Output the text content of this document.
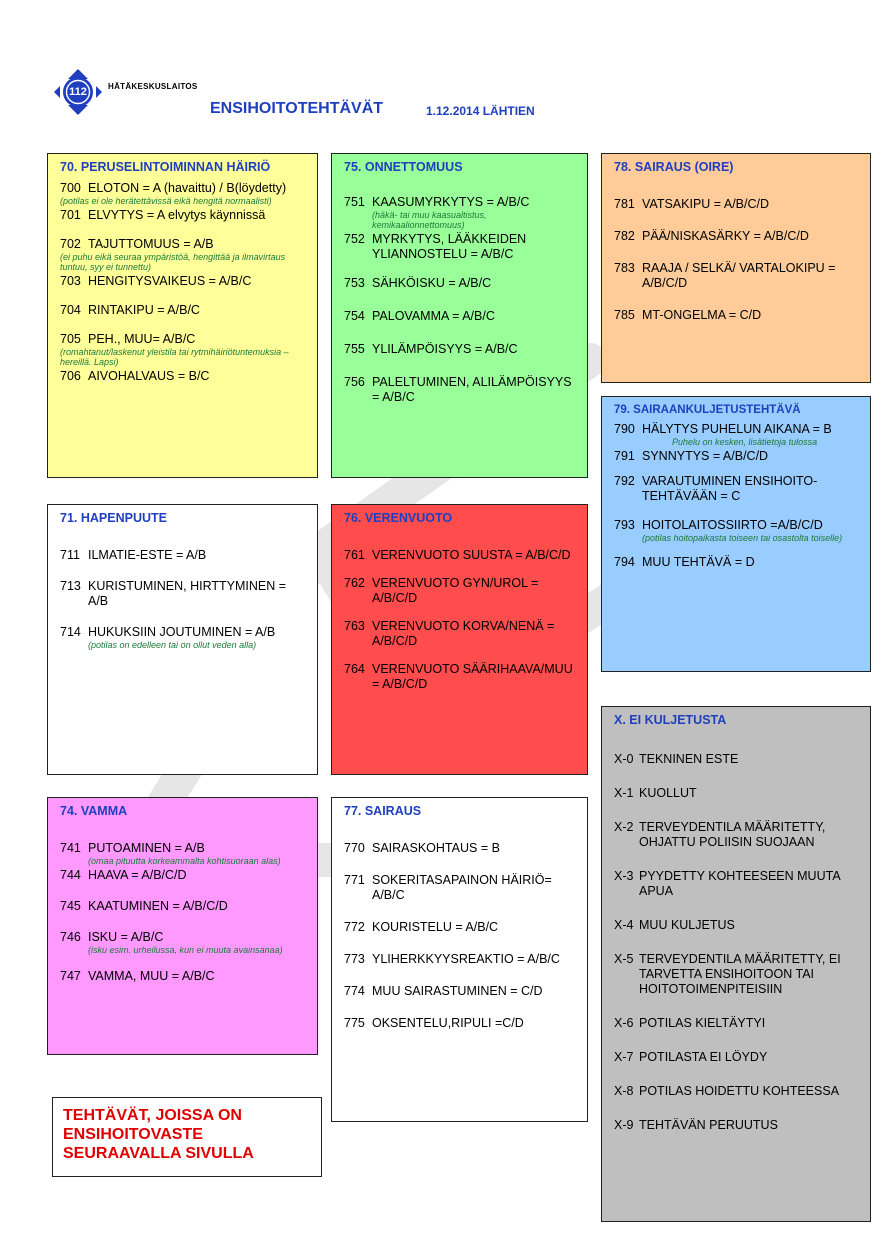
112	HÄTÄKESKUSLAITOS
ENSIHOITOTEHTÄVÄT	1.12.2014 LÄHTIEN
70. PERUSELINTOIMINNAN HÄIRIÖ
700 ELOTON = A (havaittu) / B(löydetty)
(potilas ei ole herätettävissä eikä hengitä normaalisti)
701 ELVYTYS = A elvytys käynnissä
702 TAJUTTOMUUS = A/B
(ei puhu eikä seuraa ympäristöä, hengittää ja ilmavirtaus tuntuu, syy ei tunnettu)
703 HENGITYSVAIKEUS = A/B/C
704 RINTAKIPU = A/B/C
705 PEH., MUU= A/B/C
(romahtanut/laskenut yleistila tai rytmihäiriötuntemuksia – hereillä. Lapsi)
706 AIVOHALVAUS = B/C
75. ONNETTOMUUS
751 KAASUMYRKYTYS = A/B/C
(häkä- tai muu kaasualtistus, kemikaalionnettomuus)
752 MYRKYTYS, LÄÄKKEIDEN YLIANNOSTELU = A/B/C
753 SÄHKÖISKU = A/B/C
754 PALOVAMMA = A/B/C
755 YLILÄMPÖISYYS = A/B/C
756 PALELTUMINEN, ALILÄMPÖISYYS = A/B/C
78. SAIRAUS (OIRE)
781 VATSAKIPU = A/B/C/D
782 PÄÄ/NISKASÄRKY = A/B/C/D
783 RAAJA / SELKÄ/ VARTALOKIPU = A/B/C/D
785 MT-ONGELMA = C/D
79. SAIRAANKULJETUSTEHTÄVÄ
790 HÄLYTYS PUHELUN AIKANA = B
Puhelu on kesken, lisätietoja tulossa
791 SYNNYTYS = A/B/C/D
792 VARAUTUMINEN ENSIHOITO-TEHTÄVÄÄN = C
793 HOITOLAITOSSIIRTO =A/B/C/D
(potilas hoitopaikasta toiseen tai osastolta toiselle)
794 MUU TEHTÄVÄ = D
71. HAPENPUUTE
711 ILMATIE-ESTE = A/B
713 KURISTUMINEN, HIRTTYMINEN = A/B
714 HUKUKSIIN JOUTUMINEN = A/B
(potilas on edelleen tai on ollut veden alla)
76. VERENVUOTO
761 VERENVUOTO SUUSTA = A/B/C/D
762 VERENVUOTO GYN/UROL = A/B/C/D
763 VERENVUOTO KORVA/NENÄ = A/B/C/D
764 VERENVUOTO SÄÄRIHAAVA/MUU = A/B/C/D
74. VAMMA
741 PUTOAMINEN = A/B
(omaa pituutta korkeammalta kohtisuoraan alas)
744 HAAVA = A/B/C/D
745 KAATUMINEN = A/B/C/D
746 ISKU = A/B/C
(isku esim. urheilussa, kun ei muuta avainsanaa)
747 VAMMA, MUU = A/B/C
77. SAIRAUS
770 SAIRASKOHTAUS = B
771 SOKERITASAPAINON HÄIRIÖ= A/B/C
772 KOURISTELU = A/B/C
773 YLIHERKKYYSREAKTIO = A/B/C
774 MUU SAIRASTUMINEN = C/D
775 OKSENTELU,RIPULI =C/D
X. EI KULJETUSTA
X-0 TEKNINEN ESTE
X-1 KUOLLUT
X-2 TERVEYDENTILA MÄÄRITETTY, OHJATTU POLIISIN SUOJAAN
X-3 PYYDETTY KOHTEESEEN MUUTA APUA
X-4 MUU KULJETUS
X-5 TERVEYDENTILA MÄÄRITETTY, EI TARVETTA ENSIHOITOON TAI HOITOTOIMENPITEISIIN
X-6 POTILAS KIELTÄYTYI
X-7 POTILASTA EI LÖYDY
X-8 POTILAS HOIDETTU KOHTEESSA
X-9 TEHTÄVÄN PERUUTUS
TEHTÄVÄT, JOISSA ON ENSIHOITOVASTE SEURAAVALLA SIVULLA
